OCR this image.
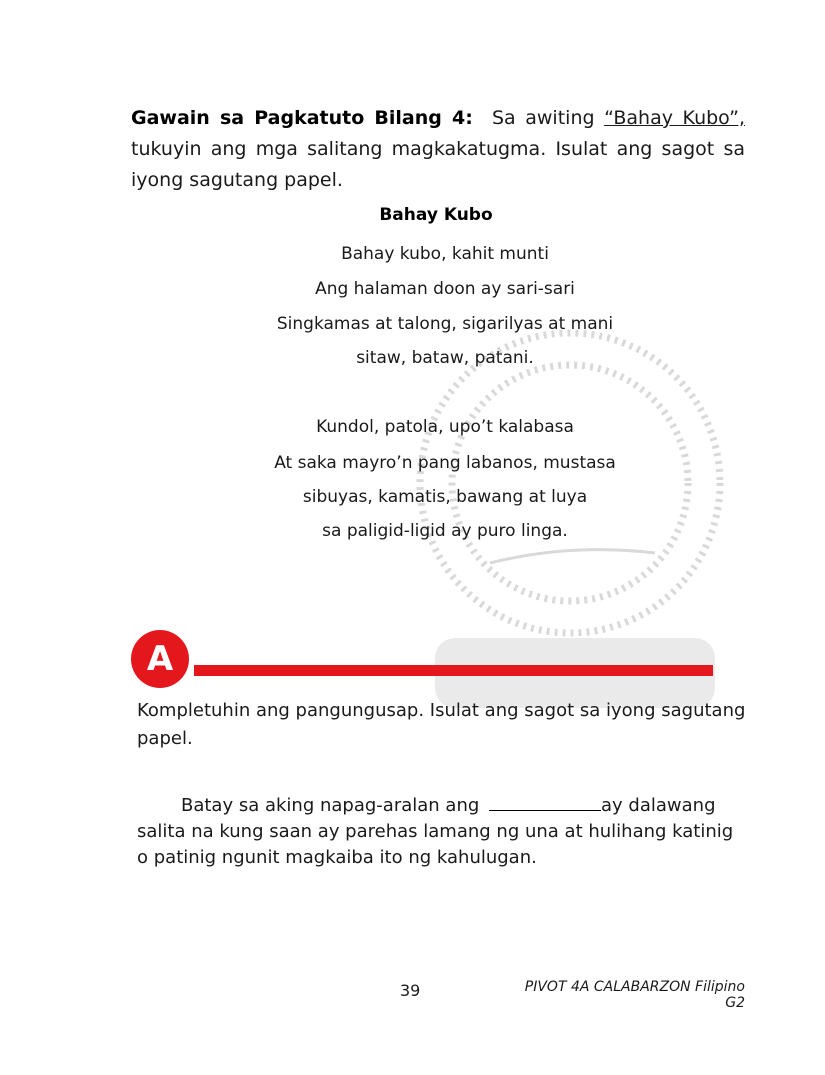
Gawain sa Pagkatuto Bilang 4: Sa awiting “Bahay Kubo”, tukuyin ang mga salitang magkakatugma. Isulat ang sagot sa iyong sagutang papel.

Bahay Kubo
Bahay kubo, kahit munti
Ang halaman doon ay sari-sari
Singkamas at talong, sigarilyas at mani
sitaw, bataw, patani.
Kundol, patola, upo’t kalabasa
At saka mayro’n pang labanos, mustasa
sibuyas, kamatis, bawang at luya
sa paligid-ligid ay puro linga.
A

Kompletuhin ang pangungusap. Isulat ang sagot sa iyong sagutang papel.

Batay sa aking napag-aralan ang	ay dalawang salita na kung saan ay parehas lamang ng una at hulihang katinig o patinig ngunit magkaiba ito ng kahulugan.

39	PIVOT 4A CALABARZON Filipino G2
